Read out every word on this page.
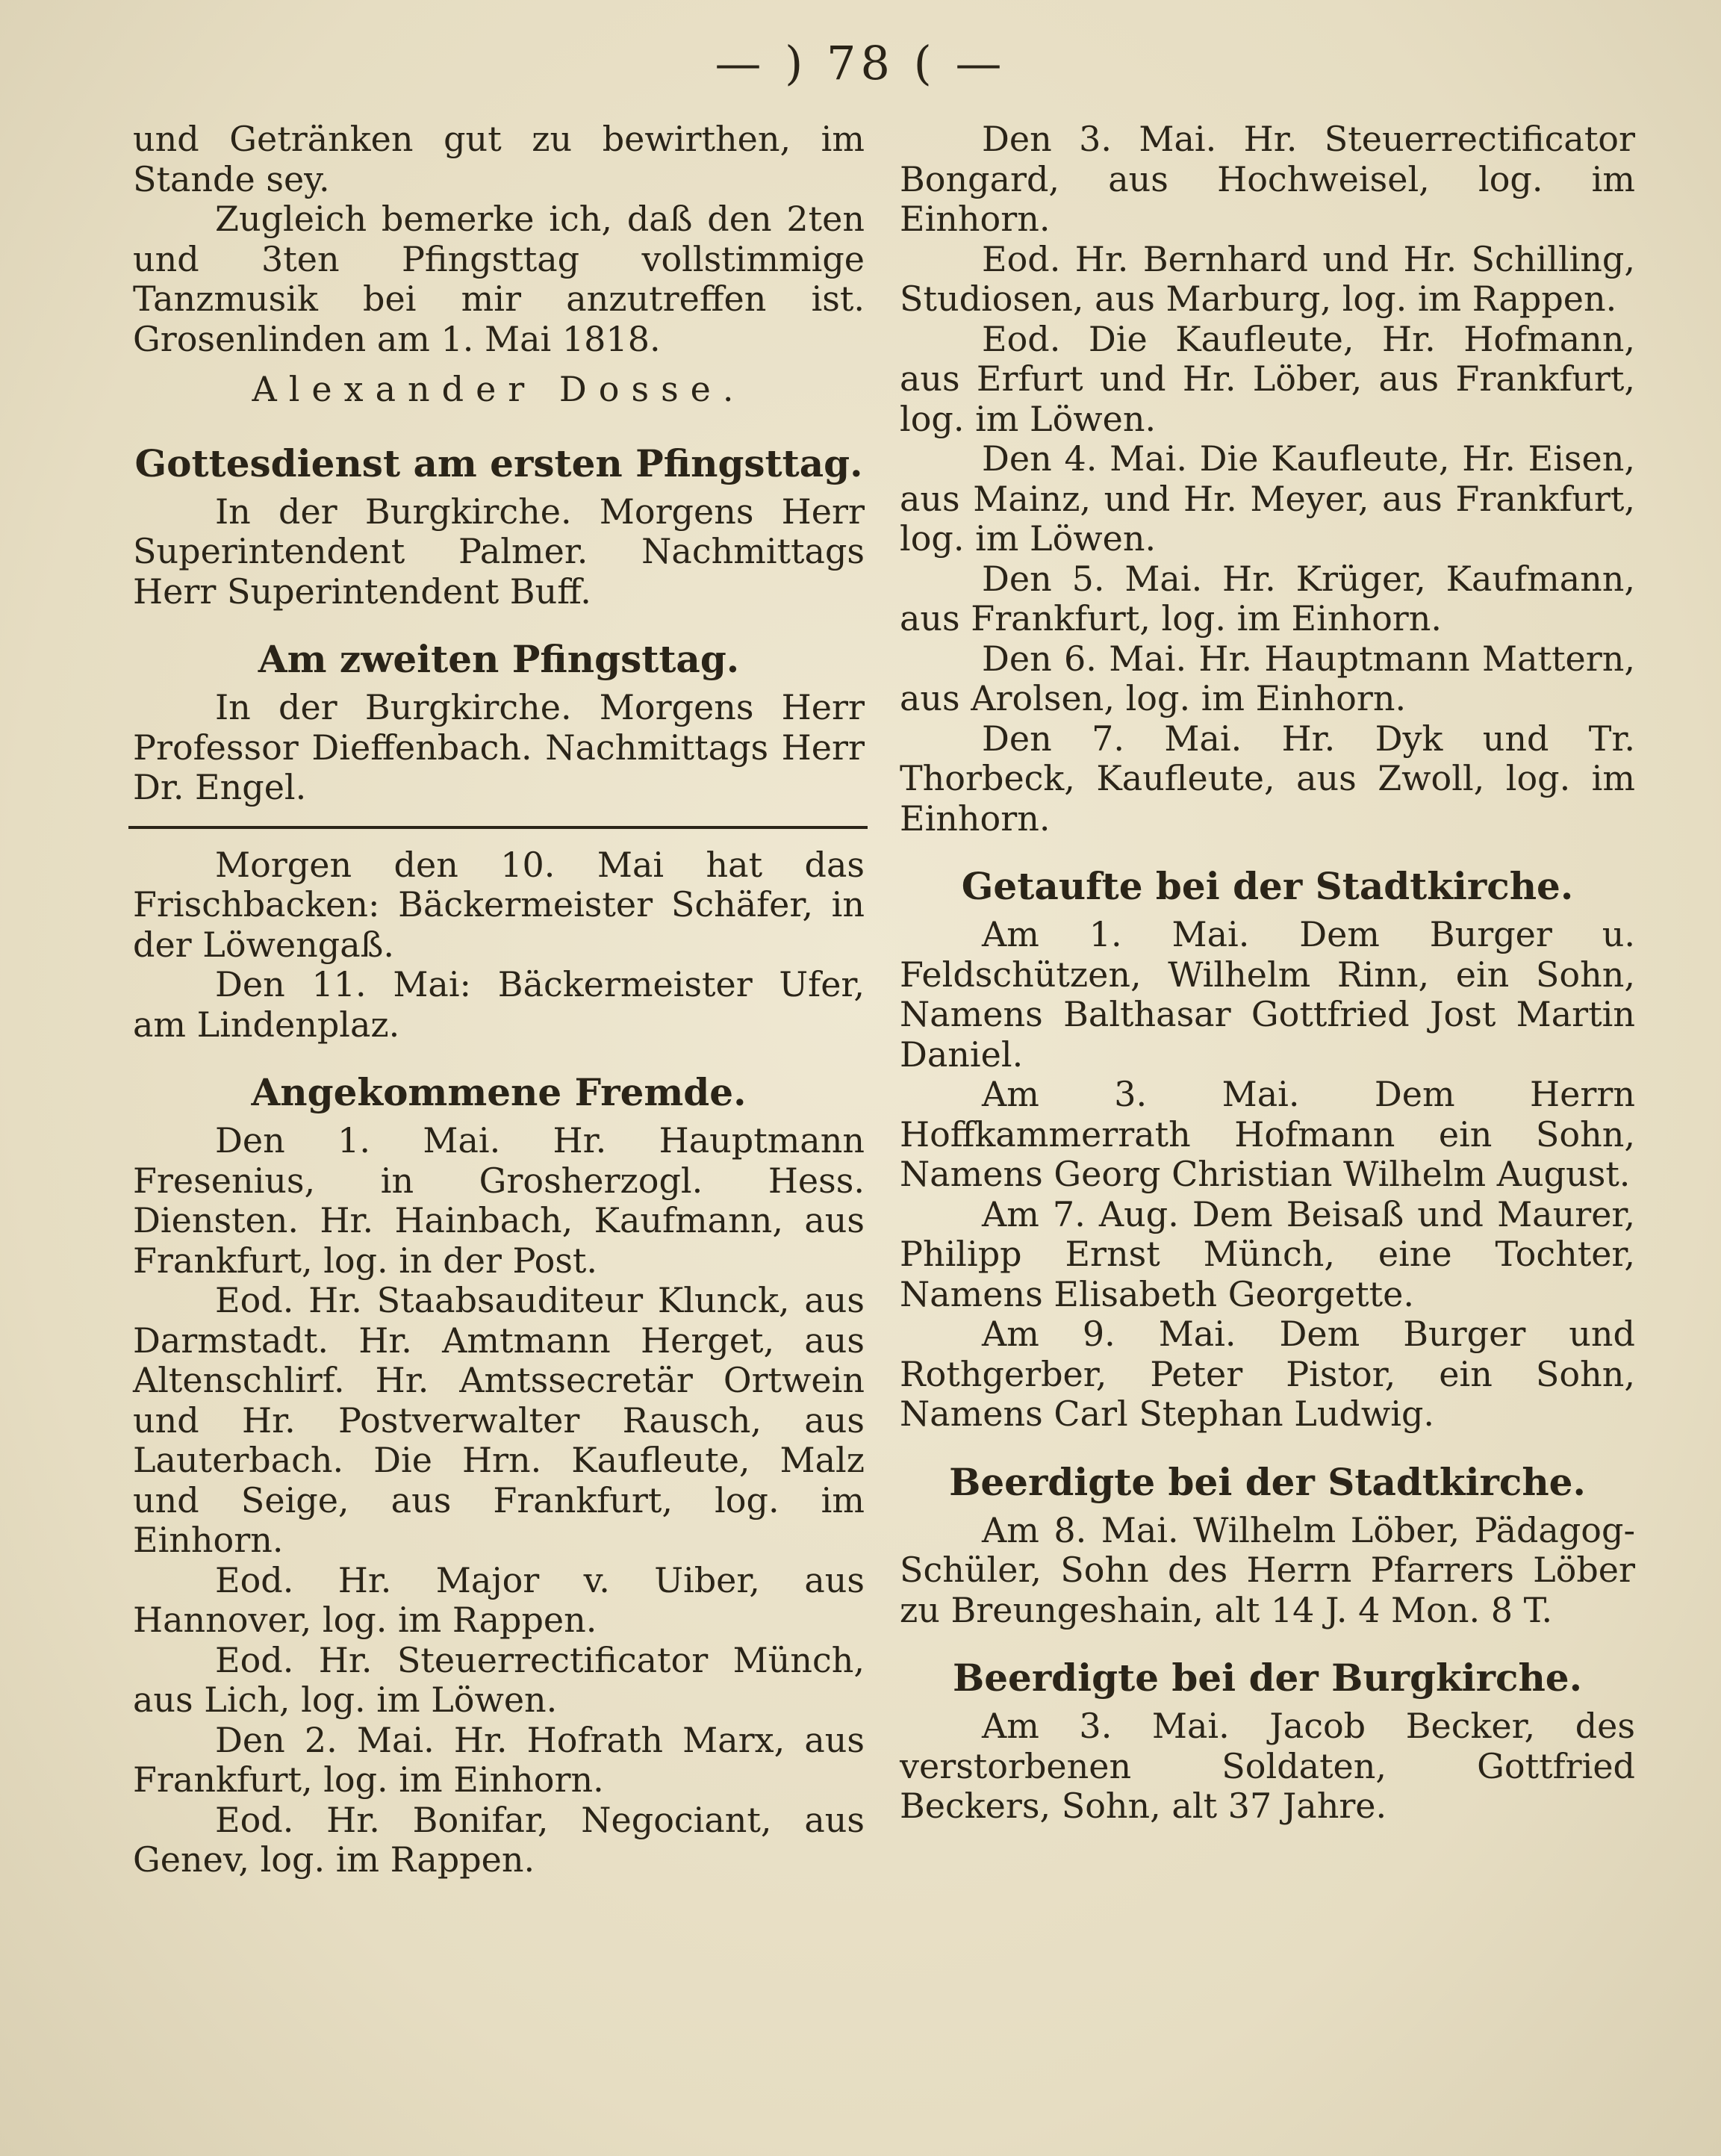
— ) 78 ( —

und Getränken gut zu bewirthen, im Stande sey.

Zugleich bemerke ich, daß den 2ten und 3ten Pfingsttag vollstimmige Tanzmusik bei mir anzutreffen ist. Grosenlinden am 1. Mai 1818.

Alexander Dosse.

Gottesdienst am ersten Pfingsttag.

In der Burgkirche. Morgens Herr Superintendent Palmer. Nachmittags Herr Superintendent Buff.

Am zweiten Pfingsttag.

In der Burgkirche. Morgens Herr Professor Dieffenbach. Nachmittags Herr Dr. Engel.

Morgen den 10. Mai hat das Frischbacken: Bäckermeister Schäfer, in der Löwengaß.

Den 11. Mai: Bäckermeister Ufer, am Lindenplaz.

Angekommene Fremde.

Den 1. Mai. Hr. Hauptmann Fresenius, in Grosherzogl. Hess. Diensten. Hr. Hainbach, Kaufmann, aus Frankfurt, log. in der Post.

Eod. Hr. Staabsauditeur Klunck, aus Darmstadt. Hr. Amtmann Herget, aus Altenschlirf. Hr. Amtssecretär Ortwein und Hr. Postverwalter Rausch, aus Lauterbach. Die Hrn. Kaufleute, Malz und Seige, aus Frankfurt, log. im Einhorn.

Eod. Hr. Major v. Uiber, aus Hannover, log. im Rappen.

Eod. Hr. Steuerrectificator Münch, aus Lich, log. im Löwen.

Den 2. Mai. Hr. Hofrath Marx, aus Frankfurt, log. im Einhorn.

Eod. Hr. Bonifar, Negociant, aus Genev, log. im Rappen.

Den 3. Mai. Hr. Steuerrectificator Bongard, aus Hochweisel, log. im Einhorn.

Eod. Hr. Bernhard und Hr. Schilling, Studiosen, aus Marburg, log. im Rappen.

Eod. Die Kaufleute, Hr. Hofmann, aus Erfurt und Hr. Löber, aus Frankfurt, log. im Löwen.

Den 4. Mai. Die Kaufleute, Hr. Eisen, aus Mainz, und Hr. Meyer, aus Frankfurt, log. im Löwen.

Den 5. Mai. Hr. Krüger, Kaufmann, aus Frankfurt, log. im Einhorn.

Den 6. Mai. Hr. Hauptmann Mattern, aus Arolsen, log. im Einhorn.

Den 7. Mai. Hr. Dyk und Tr. Thorbeck, Kaufleute, aus Zwoll, log. im Einhorn.

Getaufte bei der Stadtkirche.

Am 1. Mai. Dem Burger u. Feldschützen, Wilhelm Rinn, ein Sohn, Namens Balthasar Gottfried Jost Martin Daniel.

Am 3. Mai. Dem Herrn Hoffkammerrath Hofmann ein Sohn, Namens Georg Christian Wilhelm August.

Am 7. Aug. Dem Beisaß und Maurer, Philipp Ernst Münch, eine Tochter, Namens Elisabeth Georgette.

Am 9. Mai. Dem Burger und Rothgerber, Peter Pistor, ein Sohn, Namens Carl Stephan Ludwig.

Beerdigte bei der Stadtkirche.

Am 8. Mai. Wilhelm Löber, Pädagog-Schüler, Sohn des Herrn Pfarrers Löber zu Breungeshain, alt 14 J. 4 Mon. 8 T.

Beerdigte bei der Burgkirche.

Am 3. Mai. Jacob Becker, des verstorbenen Soldaten, Gottfried Beckers, Sohn, alt 37 Jahre.
